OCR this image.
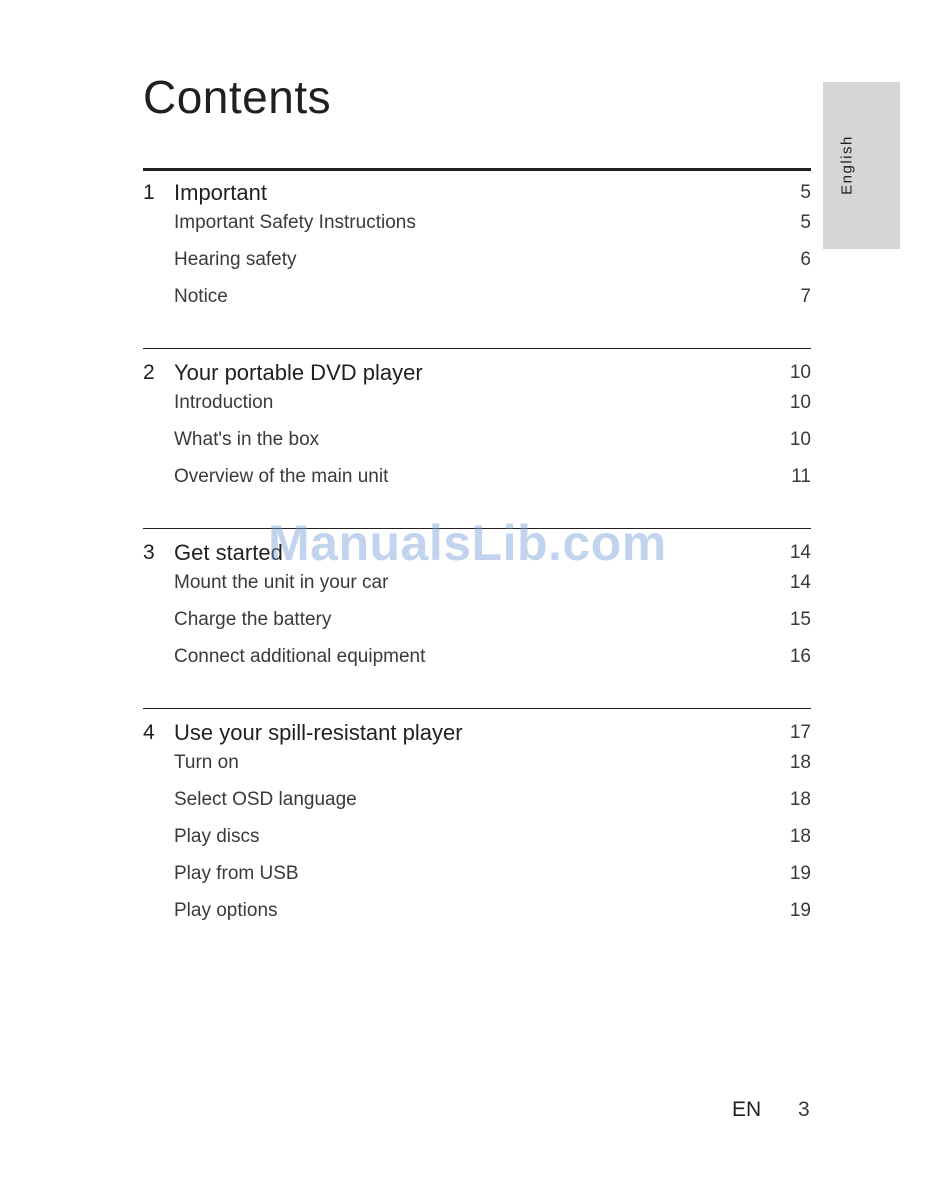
Contents
English
1 Important	5
Important Safety Instructions	5
Hearing safety	6
Notice	7
2 Your portable DVD player	10
Introduction	10
What's in the box	10
Overview of the main unit	11
3 Get started	14
Mount the unit in your car	14
Charge the battery	15
Connect additional equipment	16
4 Use your spill-resistant player	17
Turn on	18
Select OSD language	18
Play discs	18
Play from USB	19
Play options	19
ManualsLib.com
EN 3
